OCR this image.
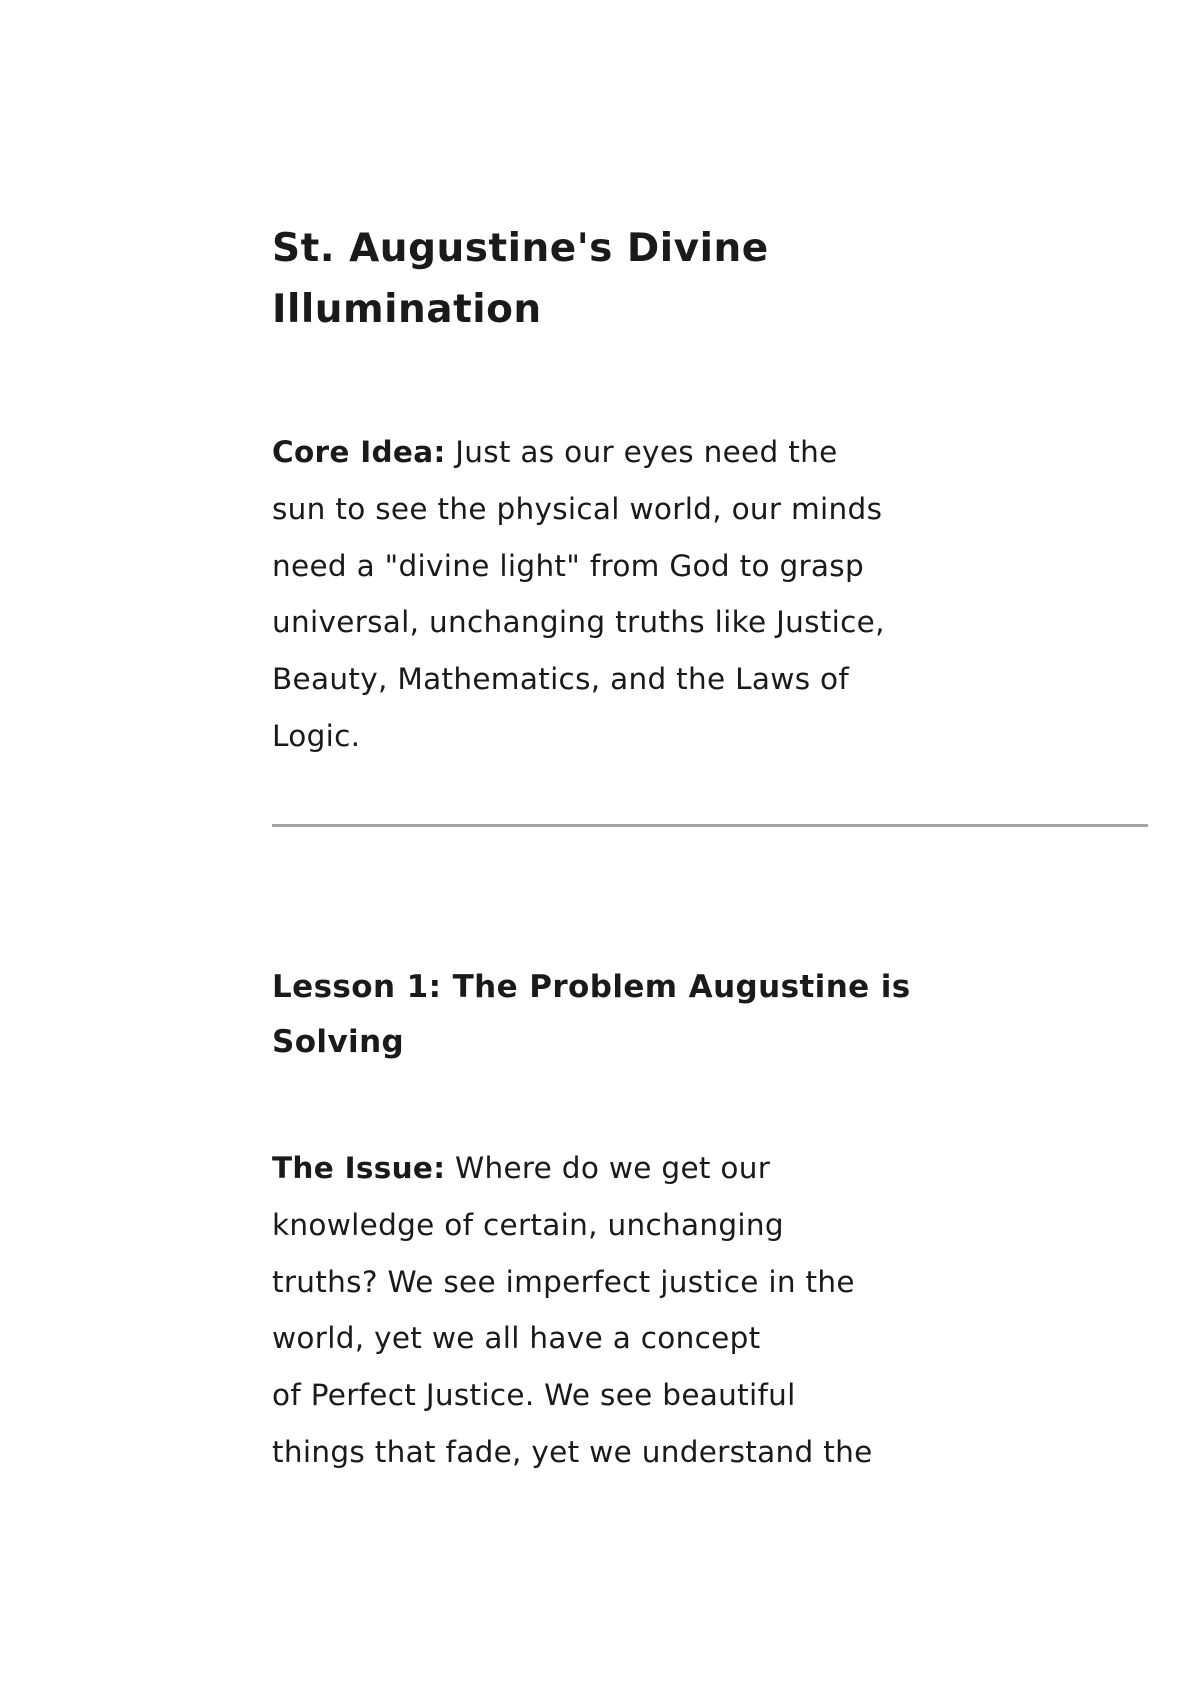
St. Augustine's Divine Illumination

Core Idea: Just as our eyes need the
sun to see the physical world, our minds
need a "divine light" from God to grasp
universal, unchanging truths like Justice,
Beauty, Mathematics, and the Laws of
Logic.

Lesson 1: The Problem Augustine is Solving

The Issue: Where do we get our
knowledge of certain, unchanging
truths? We see imperfect justice in the
world, yet we all have a concept
of Perfect Justice. We see beautiful
things that fade, yet we understand the
